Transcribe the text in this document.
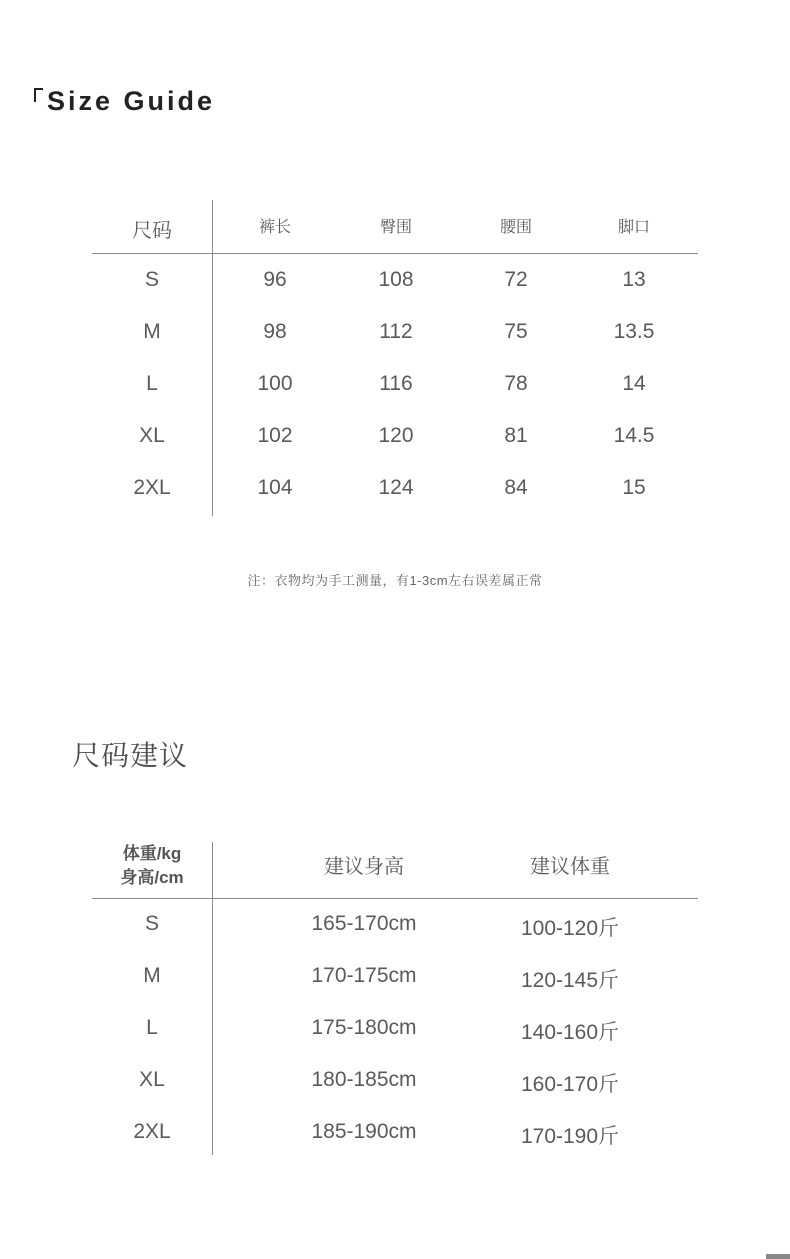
Size Guide
尺码	裤长	臀围	腰围	脚口
S	96	108	72	13
M	98	112	75	13.5
L	100	116	78	14
XL	102	120	81	14.5
2XL	104	124	84	15
注：衣物均为手工测量，有1-3cm左右误差属正常
尺码建议
体重/kg
身高/cm	建议身高	建议体重
S	165-170cm	100-120斤
M	170-175cm	120-145斤
L	175-180cm	140-160斤
XL	180-185cm	160-170斤
2XL	185-190cm	170-190斤
